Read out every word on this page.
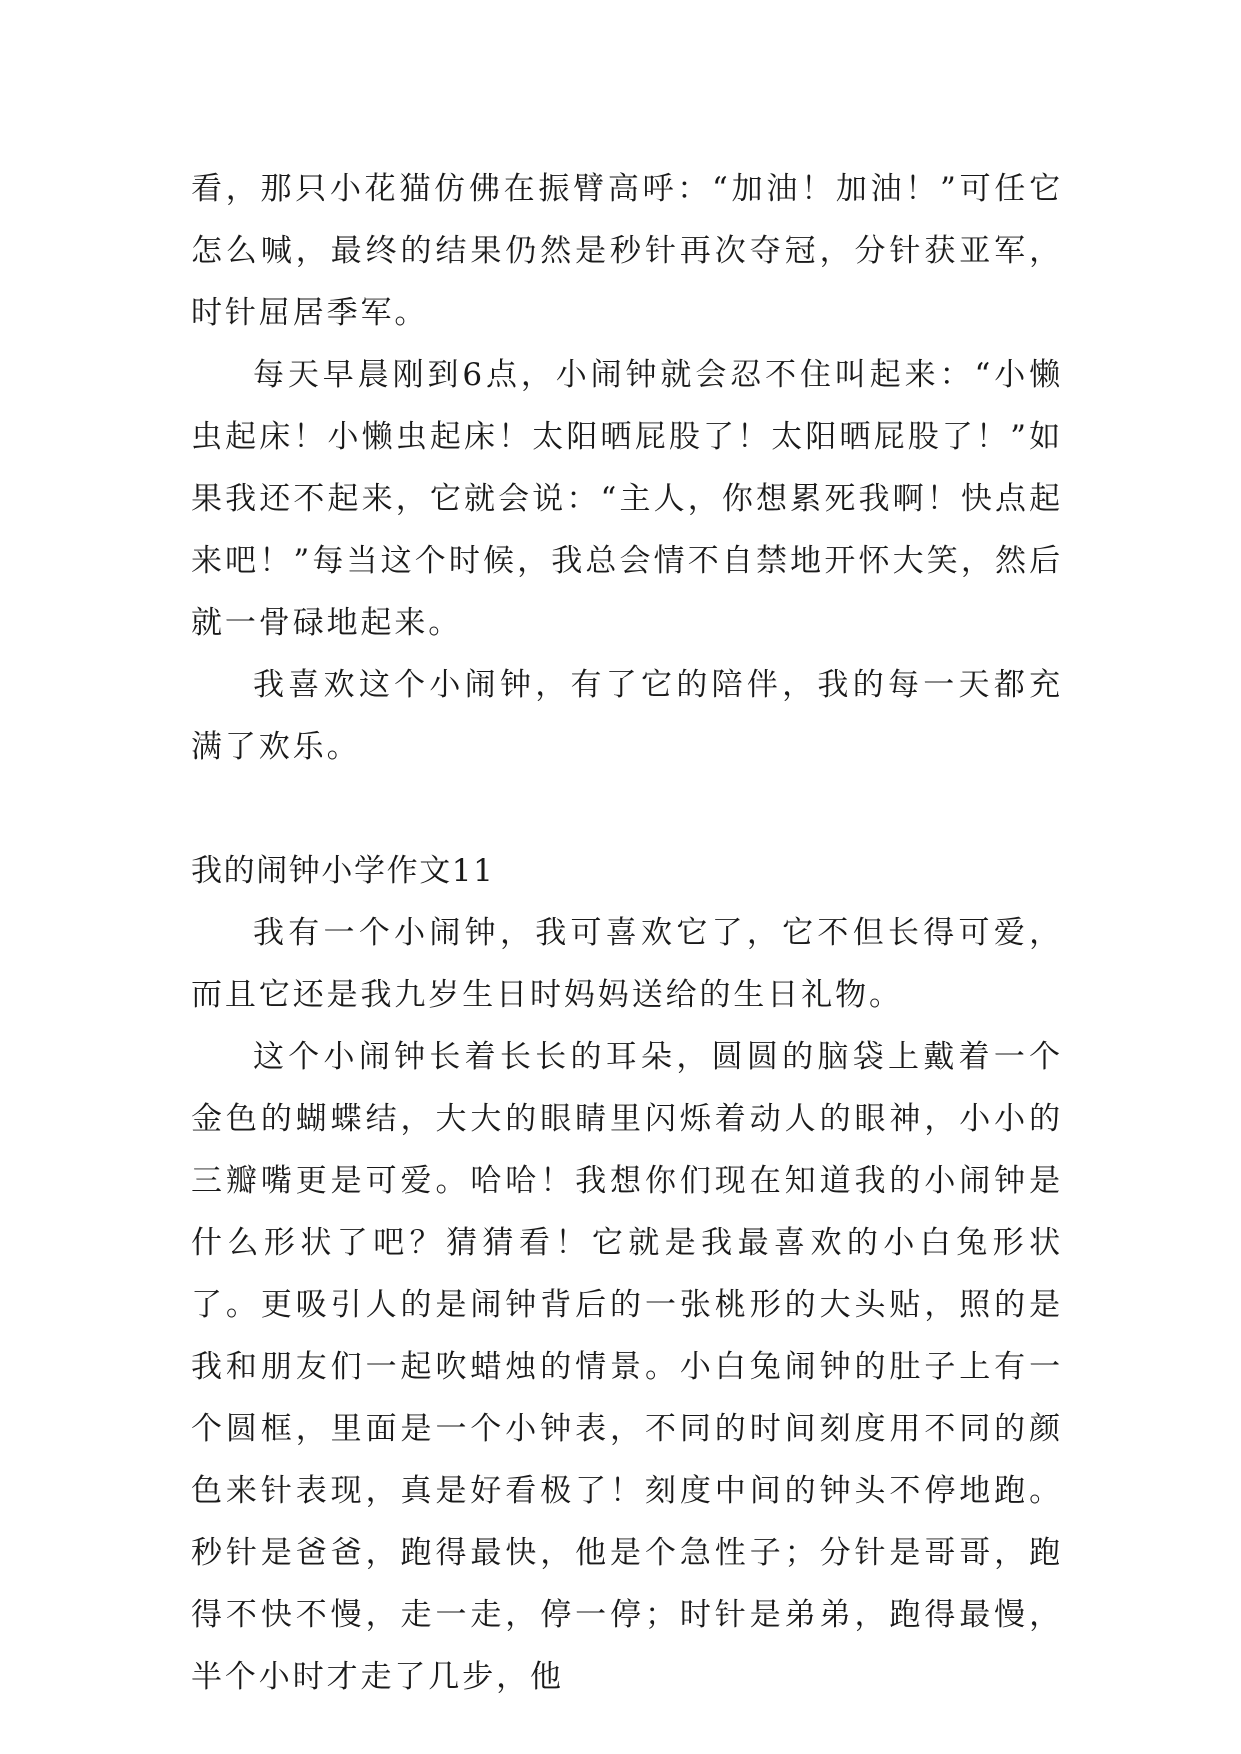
看，那只小花猫仿佛在振臂高呼：“加油！加油！”可任它怎么喊，最终的结果仍然是秒针再次夺冠，分针获亚军，时针屈居季军。

每天早晨刚到6点，小闹钟就会忍不住叫起来：“小懒虫起床！小懒虫起床！太阳晒屁股了！太阳晒屁股了！”如果我还不起来，它就会说：“主人，你想累死我啊！快点起来吧！”每当这个时候，我总会情不自禁地开怀大笑，然后就一骨碌地起来。

我喜欢这个小闹钟，有了它的陪伴，我的每一天都充满了欢乐。

我的闹钟小学作文11

我有一个小闹钟，我可喜欢它了，它不但长得可爱，而且它还是我九岁生日时妈妈送给的生日礼物。

这个小闹钟长着长长的耳朵，圆圆的脑袋上戴着一个金色的蝴蝶结，大大的眼睛里闪烁着动人的眼神，小小的三瓣嘴更是可爱。哈哈！我想你们现在知道我的小闹钟是什么形状了吧？猜猜看！它就是我最喜欢的小白兔形状了。更吸引人的是闹钟背后的一张桃形的大头贴，照的是我和朋友们一起吹蜡烛的情景。小白兔闹钟的肚子上有一个圆框，里面是一个小钟表，不同的时间刻度用不同的颜色来针表现，真是好看极了！刻度中间的钟头不停地跑。秒针是爸爸，跑得最快，他是个急性子；分针是哥哥，跑得不快不慢，走一走，停一停；时针是弟弟，跑得最慢，半个小时才走了几步，他
